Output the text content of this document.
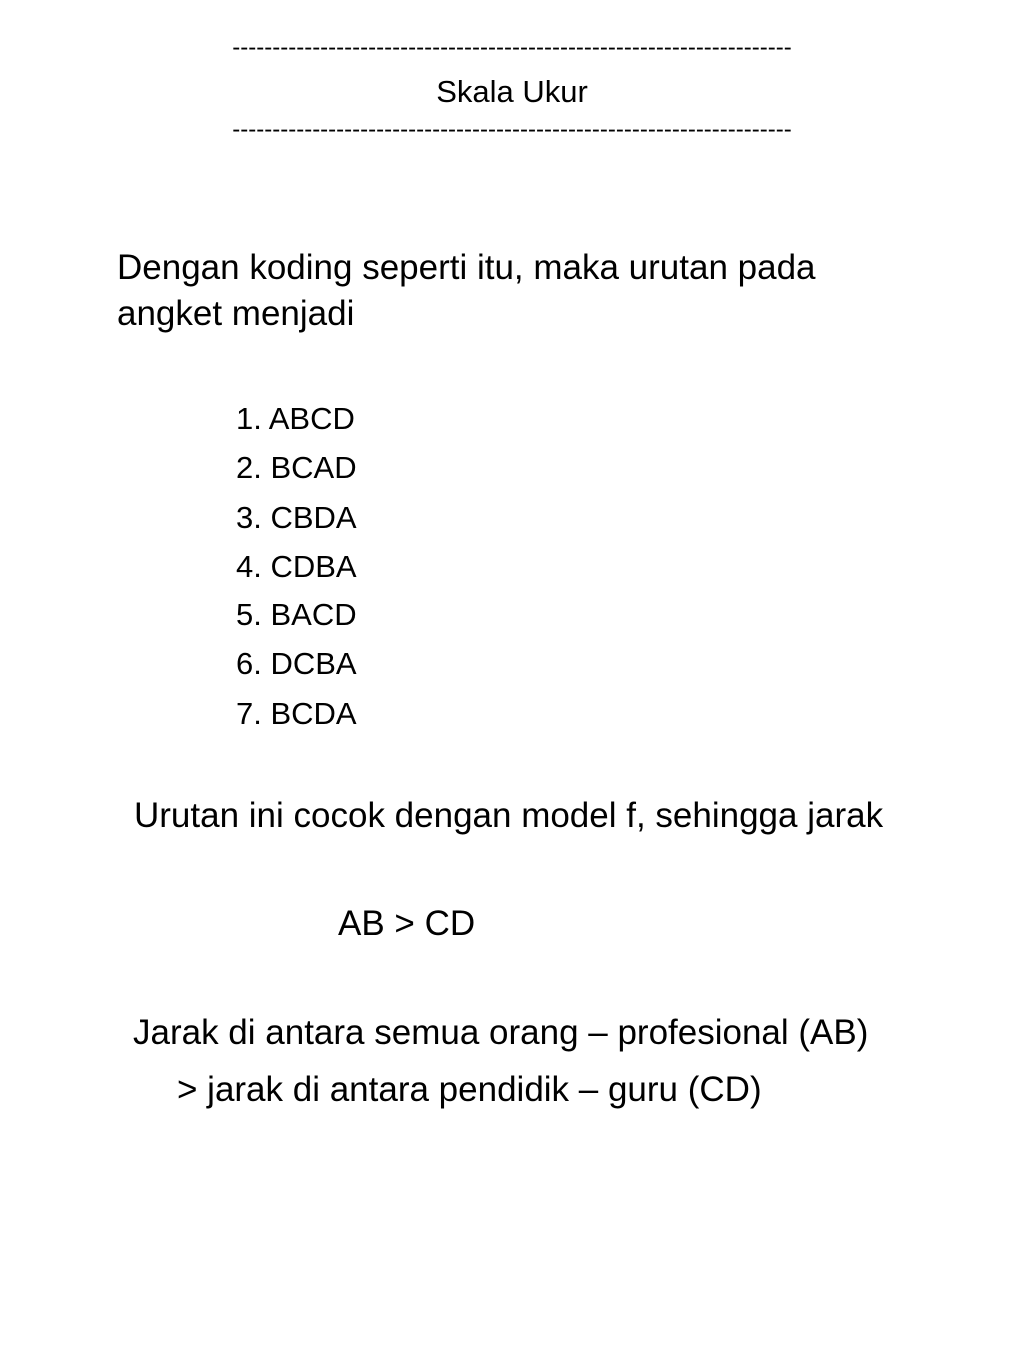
----------------------------------------------------------------------
Skala Ukur
----------------------------------------------------------------------
Dengan koding seperti itu, maka urutan pada
angket menjadi
1. ABCD
2. BCAD
3. CBDA
4. CDBA
5. BACD
6. DCBA
7. BCDA
Urutan ini cocok dengan model f, sehingga jarak
AB > CD
Jarak di antara semua orang – profesional (AB)
> jarak di antara pendidik – guru (CD)
